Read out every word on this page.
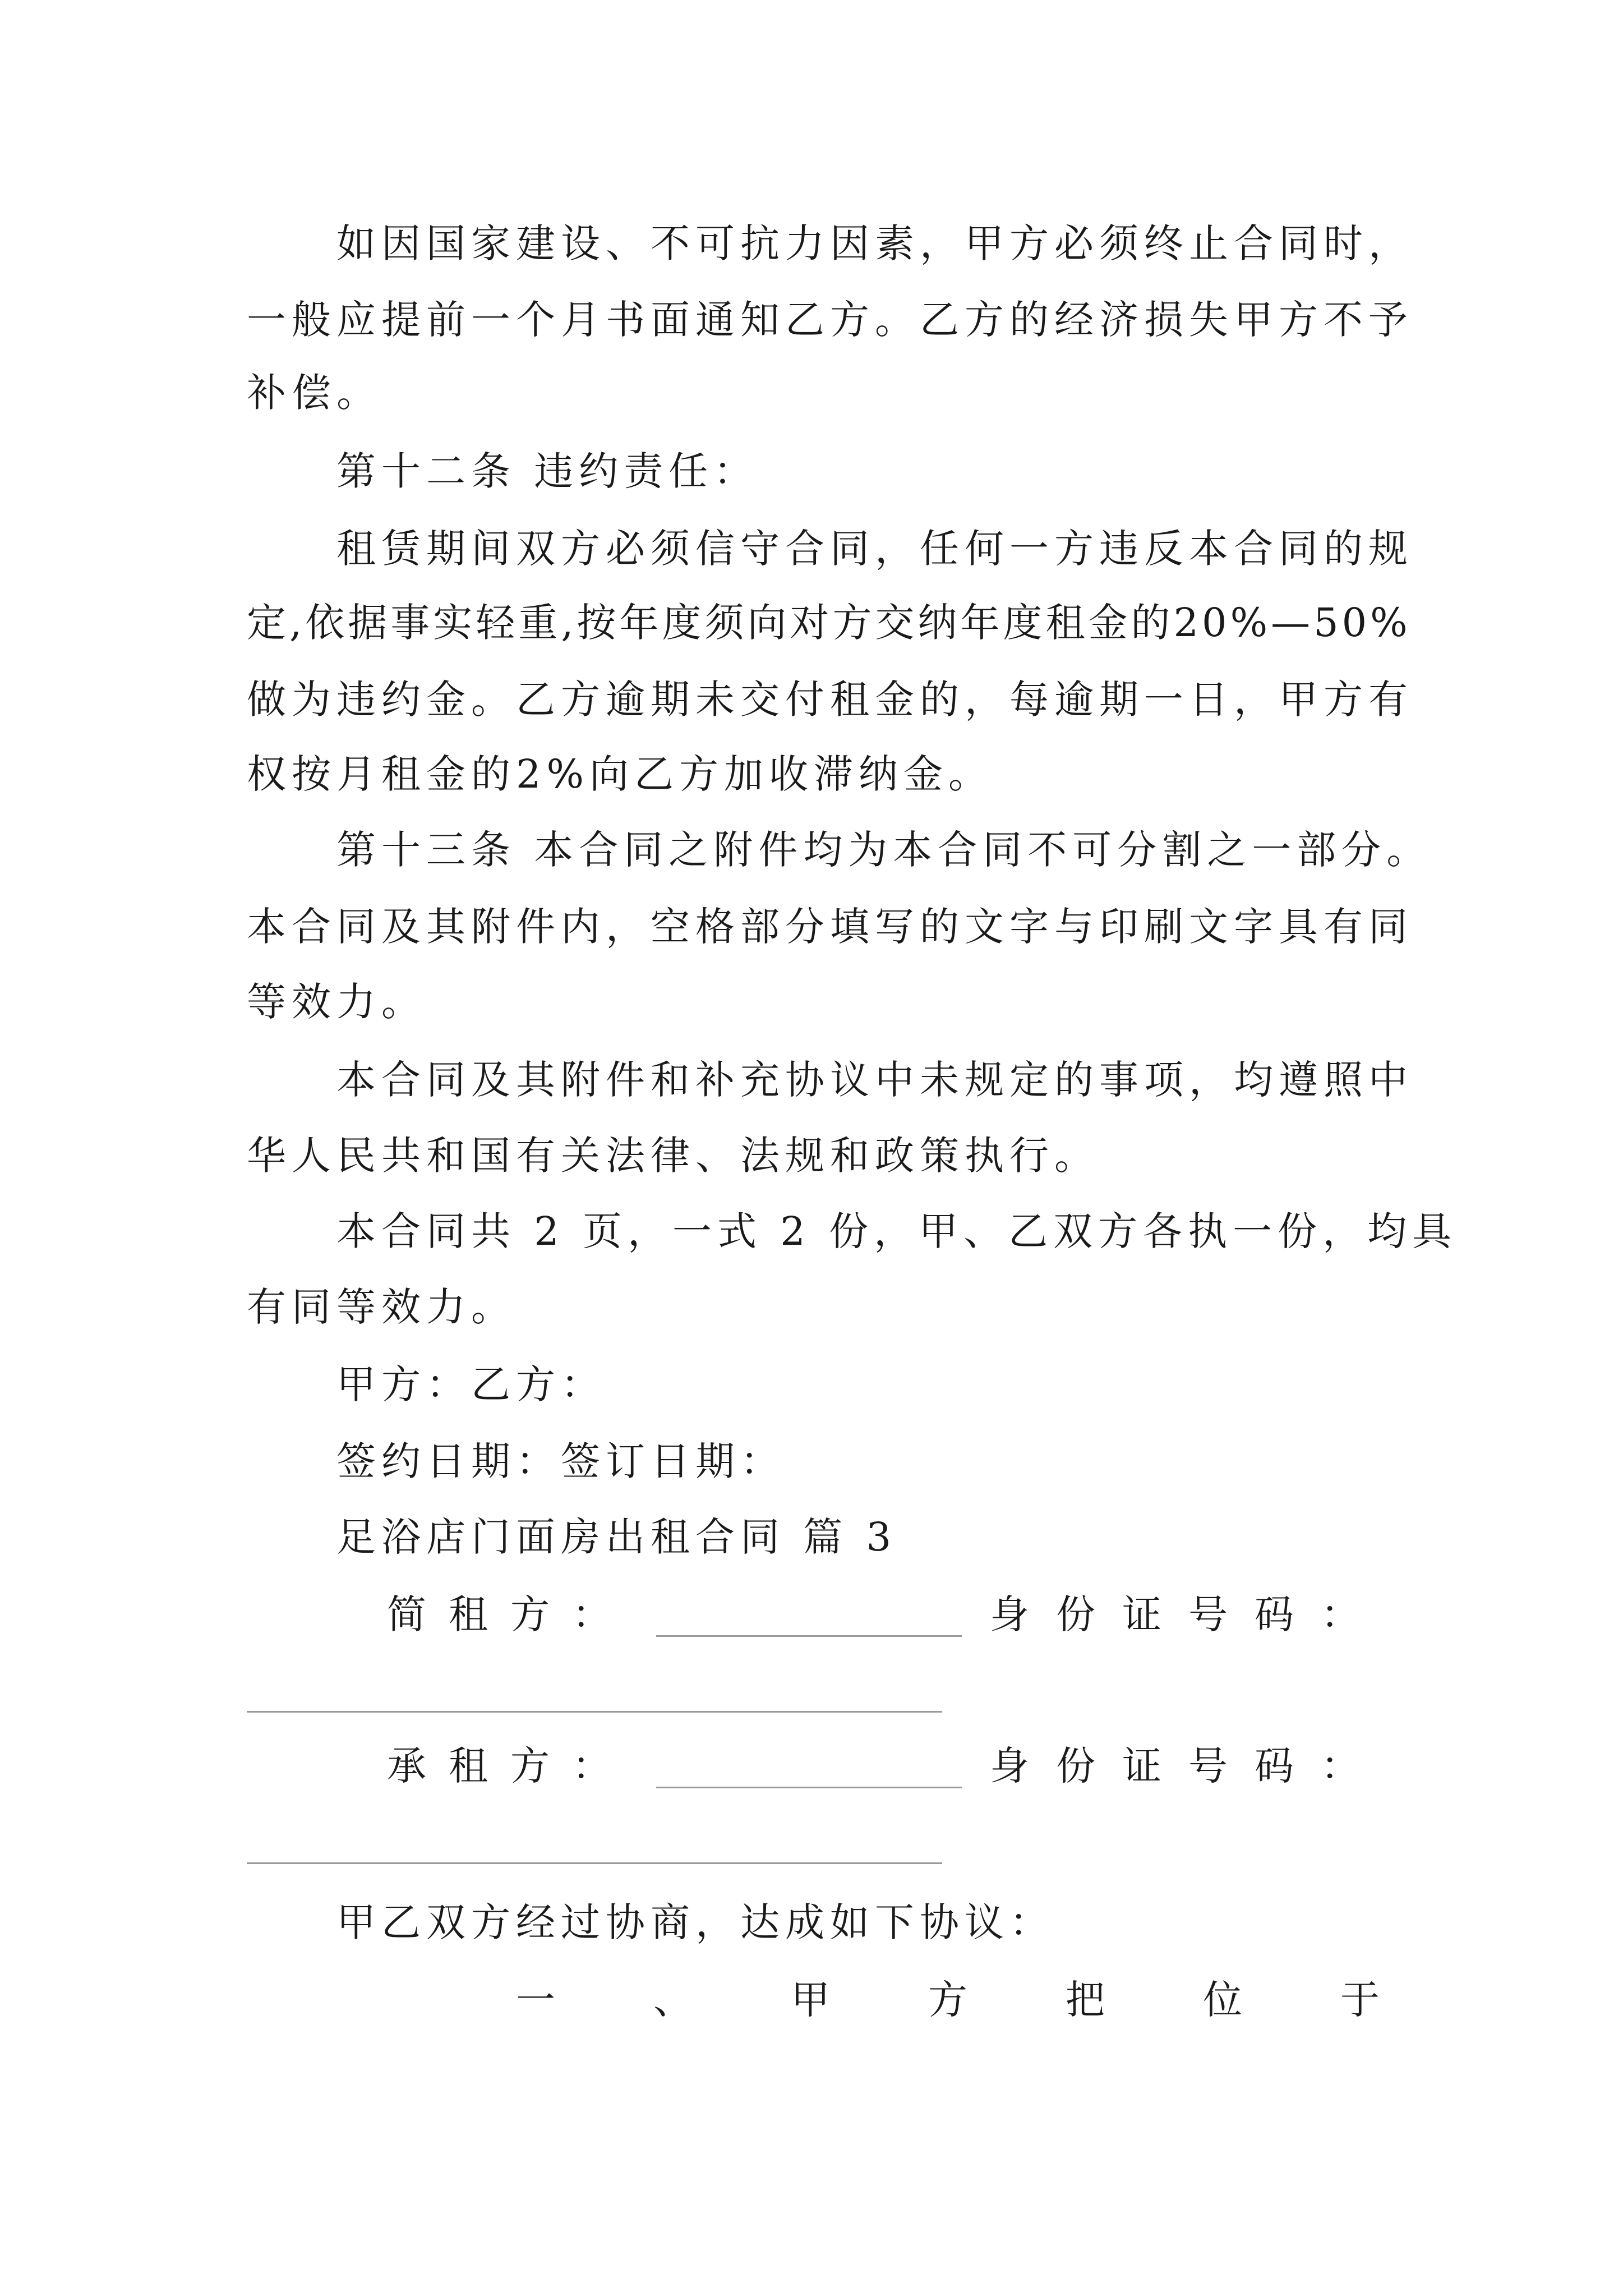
如因国家建设、不可抗力因素，甲方必须终止合同时，
一般应提前一个月书面通知乙方。乙方的经济损失甲方不予
补偿。
第十二条 违约责任：
租赁期间双方必须信守合同，任何一方违反本合同的规
定,依据事实轻重,按年度须向对方交纳年度租金的20%—50%
做为违约金。乙方逾期未交付租金的，每逾期一日，甲方有
权按月租金的2%向乙方加收滞纳金。
第十三条 本合同之附件均为本合同不可分割之一部分。
本合同及其附件内，空格部分填写的文字与印刷文字具有同
等效力。
本合同及其附件和补充协议中未规定的事项，均遵照中
华人民共和国有关法律、法规和政策执行。
本合同共 2 页，一式 2 份，甲、乙双方各执一份，均具
有同等效力。
甲方：乙方：
签约日期：签订日期：
足浴店门面房出租合同 篇 3
简 租 方 ：	身 份 证 号 码 ：
承 租 方 ：	身 份 证 号 码 ：
甲乙双方经过协商，达成如下协议：
一	、	甲	方	把	位	于
